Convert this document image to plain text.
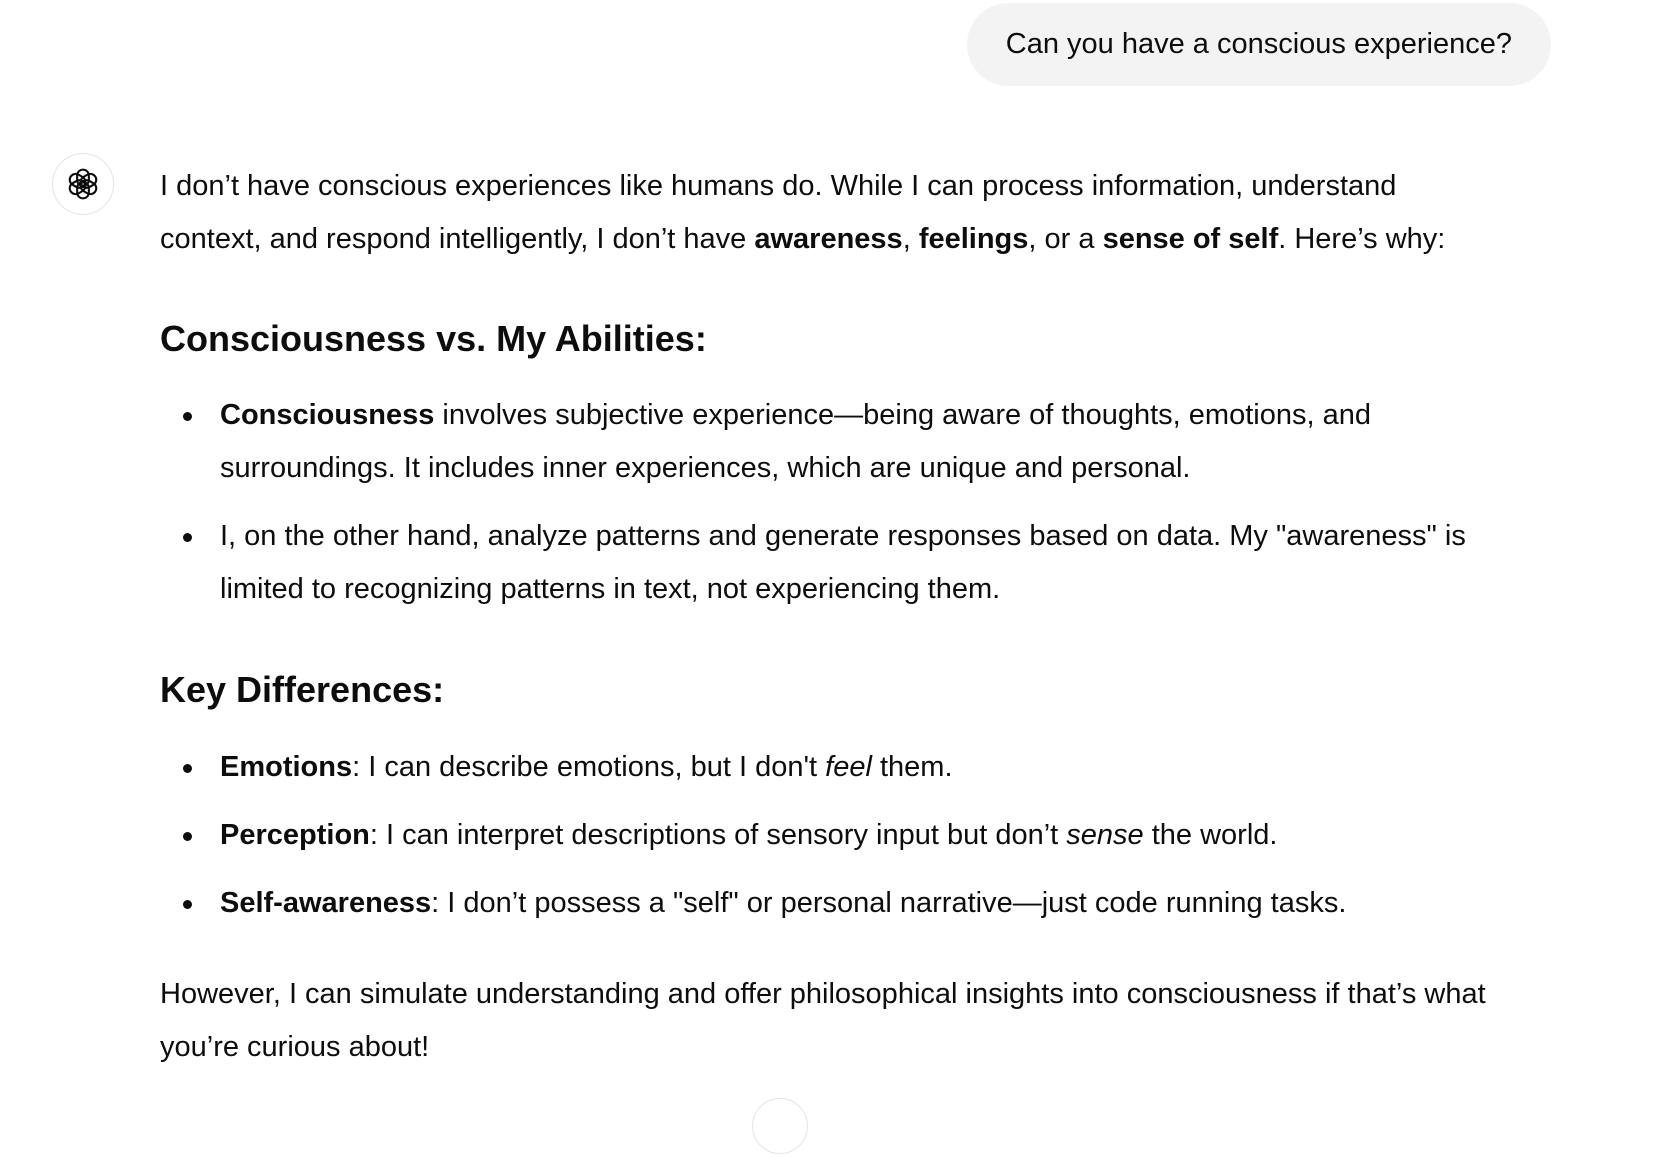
Can you have a conscious experience?

I don’t have conscious experiences like humans do. While I can process information, understand context, and respond intelligently, I don’t have awareness, feelings, or a sense of self. Here’s why:

Consciousness vs. My Abilities:
Consciousness involves subjective experience—being aware of thoughts, emotions, and surroundings. It includes inner experiences, which are unique and personal.
I, on the other hand, analyze patterns and generate responses based on data. My "awareness" is limited to recognizing patterns in text, not experiencing them.
Key Differences:
Emotions: I can describe emotions, but I don't feel them.
Perception: I can interpret descriptions of sensory input but don’t sense the world.
Self-awareness: I don’t possess a "self" or personal narrative—just code running tasks.

However, I can simulate understanding and offer philosophical insights into consciousness if that’s what you’re curious about!
